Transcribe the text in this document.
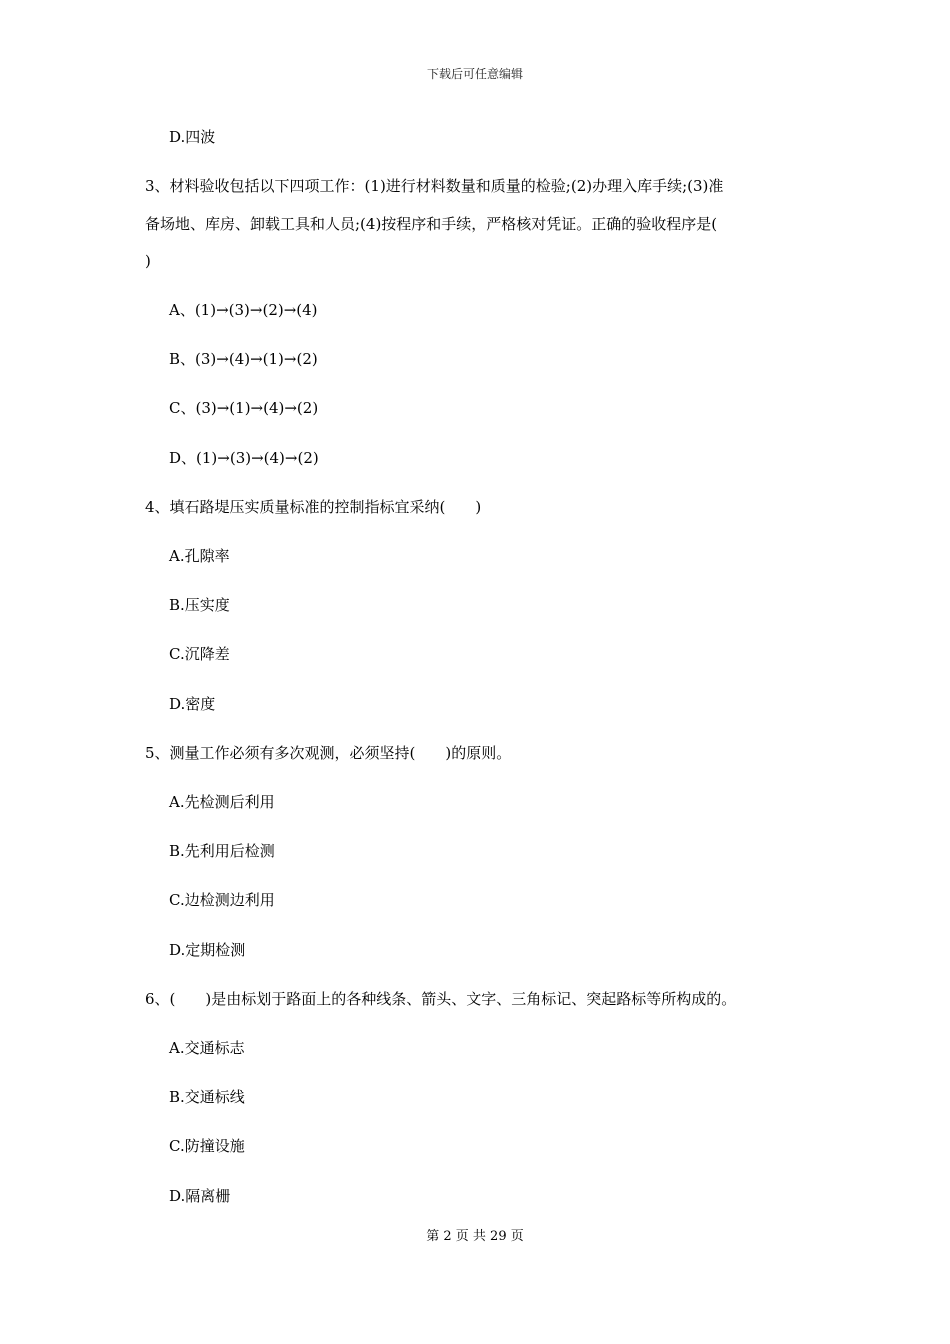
下载后可任意编辑
D.四波
3、材料验收包括以下四项工作：(1)进行材料数量和质量的检验;(2)办理入库手续;(3)准
备场地、库房、卸载工具和人员;(4)按程序和手续，严格核对凭证。正确的验收程序是(
)
A、(1)→(3)→(2)→(4)
B、(3)→(4)→(1)→(2)
C、(3)→(1)→(4)→(2)
D、(1)→(3)→(4)→(2)
4、填石路堤压实质量标准的控制指标宜采纳(　　)
A.孔隙率
B.压实度
C.沉降差
D.密度
5、测量工作必须有多次观测，必须坚持(　　)的原则。
A.先检测后利用
B.先利用后检测
C.边检测边利用
D.定期检测
6、(　　)是由标划于路面上的各种线条、箭头、文字、三角标记、突起路标等所构成的。
A.交通标志
B.交通标线
C.防撞设施
D.隔离栅
第 2 页 共 29 页
